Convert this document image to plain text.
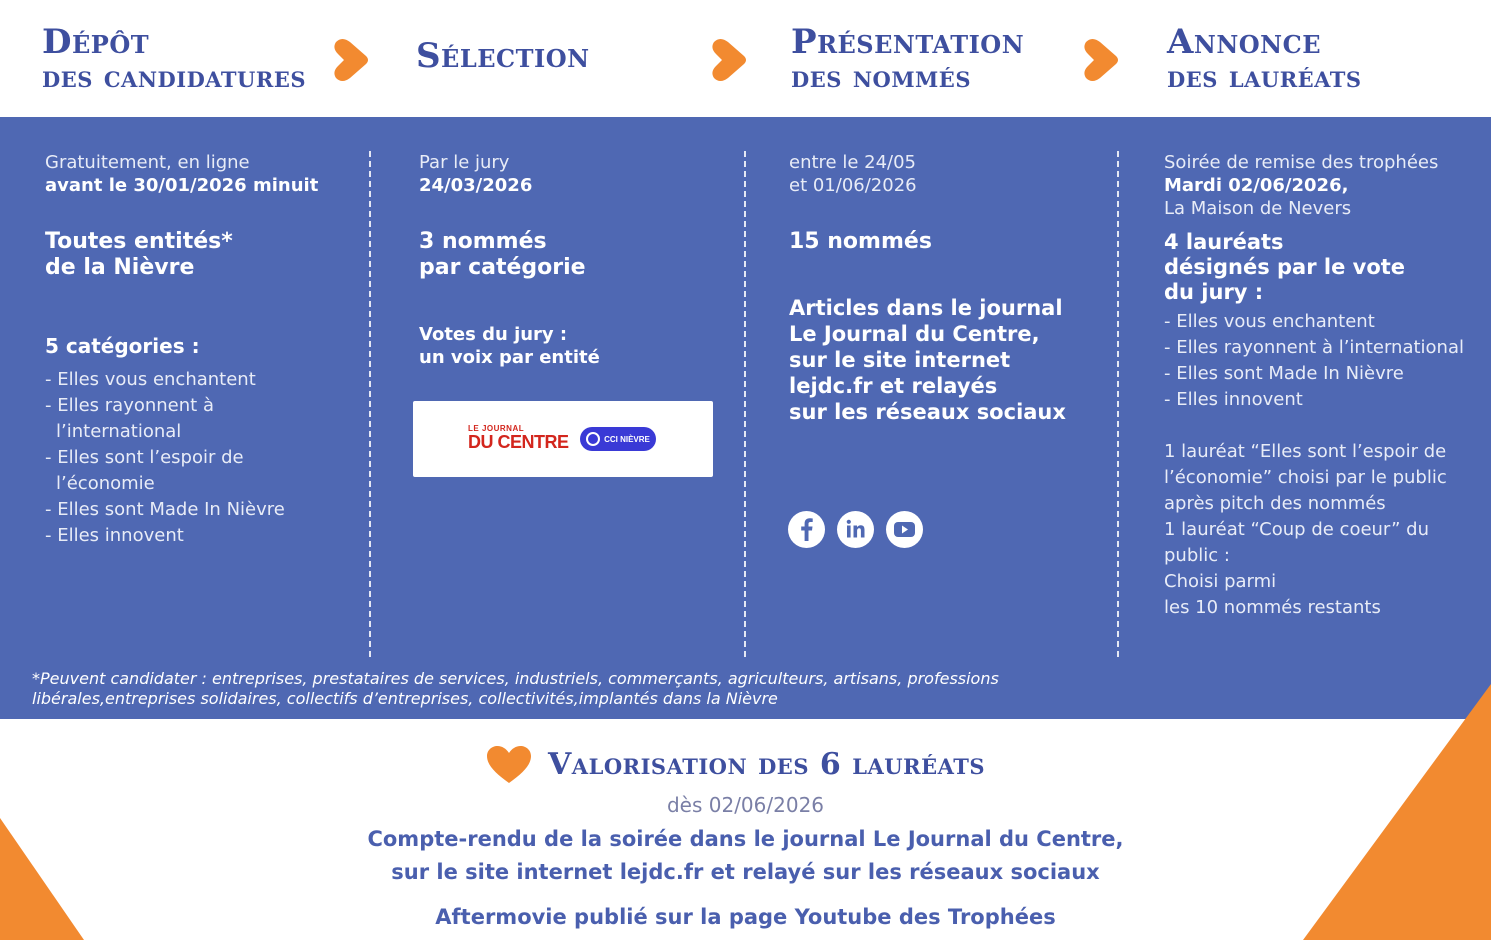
Dépôt
des candidatures
Sélection	Présentation
des nommés
Annonce
des lauréats
Gratuitement, en ligne
avant le 30/01/2026 minuit
Toutes entités*
de la Nièvre
5 catégories :
- Elles vous enchantent
- Elles rayonnent à
l’international
- Elles sont l’espoir de
l’économie
- Elles sont Made In Nièvre
- Elles innovent
Par le jury
24/03/2026
3 nommés
par catégorie
Votes du jury :
un voix par entité
LE JOURNAL
DU CENTRE	CCI NIÈVRE
entre le 24/05
et 01/06/2026
15 nommés
Articles dans le journal
Le Journal du Centre,
sur le site internet
lejdc.fr et relayés
sur les réseaux sociaux
Soirée de remise des trophées
Mardi 02/06/2026,
La Maison de Nevers
4 lauréats
désignés par le vote
du jury :
- Elles vous enchantent
- Elles rayonnent à l’international
- Elles sont Made In Nièvre
- Elles innovent
1 lauréat “Elles sont l’espoir de
l’économie” choisi par le public
après pitch des nommés
1 lauréat “Coup de coeur” du
public :
Choisi parmi
les 10 nommés restants
*Peuvent candidater : entreprises, prestataires de services, industriels, commerçants, agriculteurs, artisans, professions
libérales,entreprises solidaires, collectifs d’entreprises, collectivités,implantés dans la Nièvre
Valorisation des 6 lauréats
dès 02/06/2026
Compte-rendu de la soirée dans le journal Le Journal du Centre,
sur le site internet lejdc.fr et relayé sur les réseaux sociaux
Aftermovie publié sur la page Youtube des Trophées
